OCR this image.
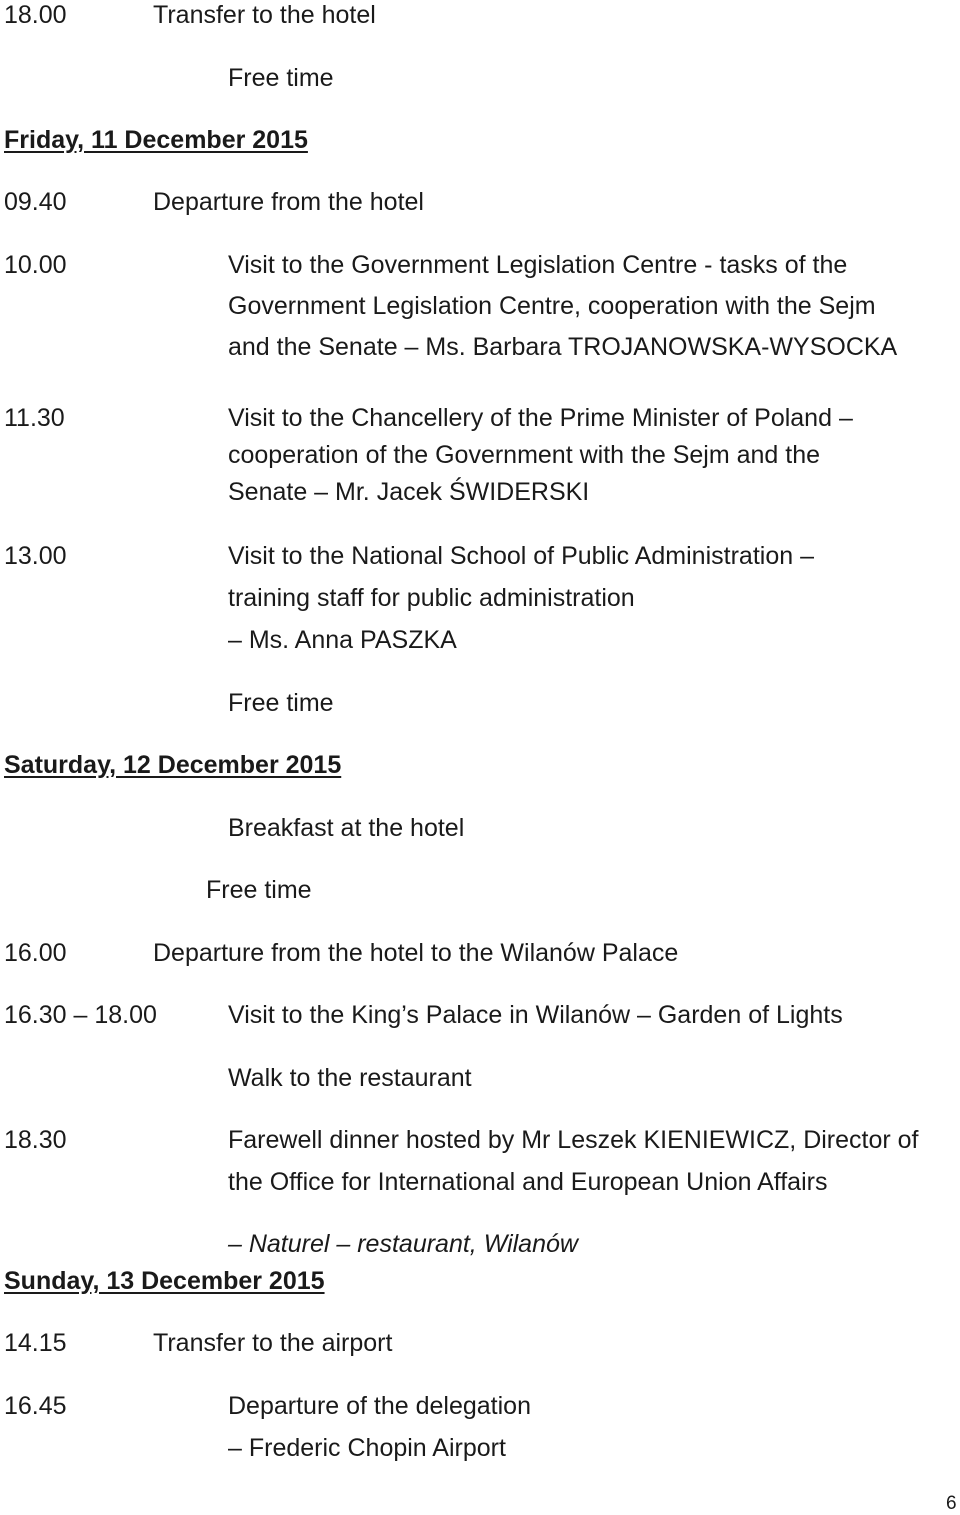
18.00	Transfer to the hotel
Free time
Friday, 11 December 2015
09.40	Departure from the hotel
10.00	Visit to the Government Legislation Centre - tasks of the
Government Legislation Centre, cooperation with the Sejm
and the Senate – Ms. Barbara TROJANOWSKA-WYSOCKA
11.30	Visit to the Chancellery of the Prime Minister of Poland –
cooperation of the Government with the Sejm and the
Senate – Mr. Jacek ŚWIDERSKI
13.00	Visit to the National School of Public Administration –
training staff for public administration
– Ms. Anna PASZKA
Free time
Saturday, 12 December 2015
Breakfast at the hotel
Free time
16.00	Departure from the hotel to the Wilanów Palace
16.30 – 18.00	Visit to the King’s Palace in Wilanów – Garden of Lights
Walk to the restaurant
18.30	Farewell dinner hosted by Mr Leszek KIENIEWICZ, Director of
the Office for International and European Union Affairs
– Naturel – restaurant, Wilanów
Sunday, 13 December 2015
14.15	Transfer to the airport
16.45	Departure of the delegation
– Frederic Chopin Airport
6
